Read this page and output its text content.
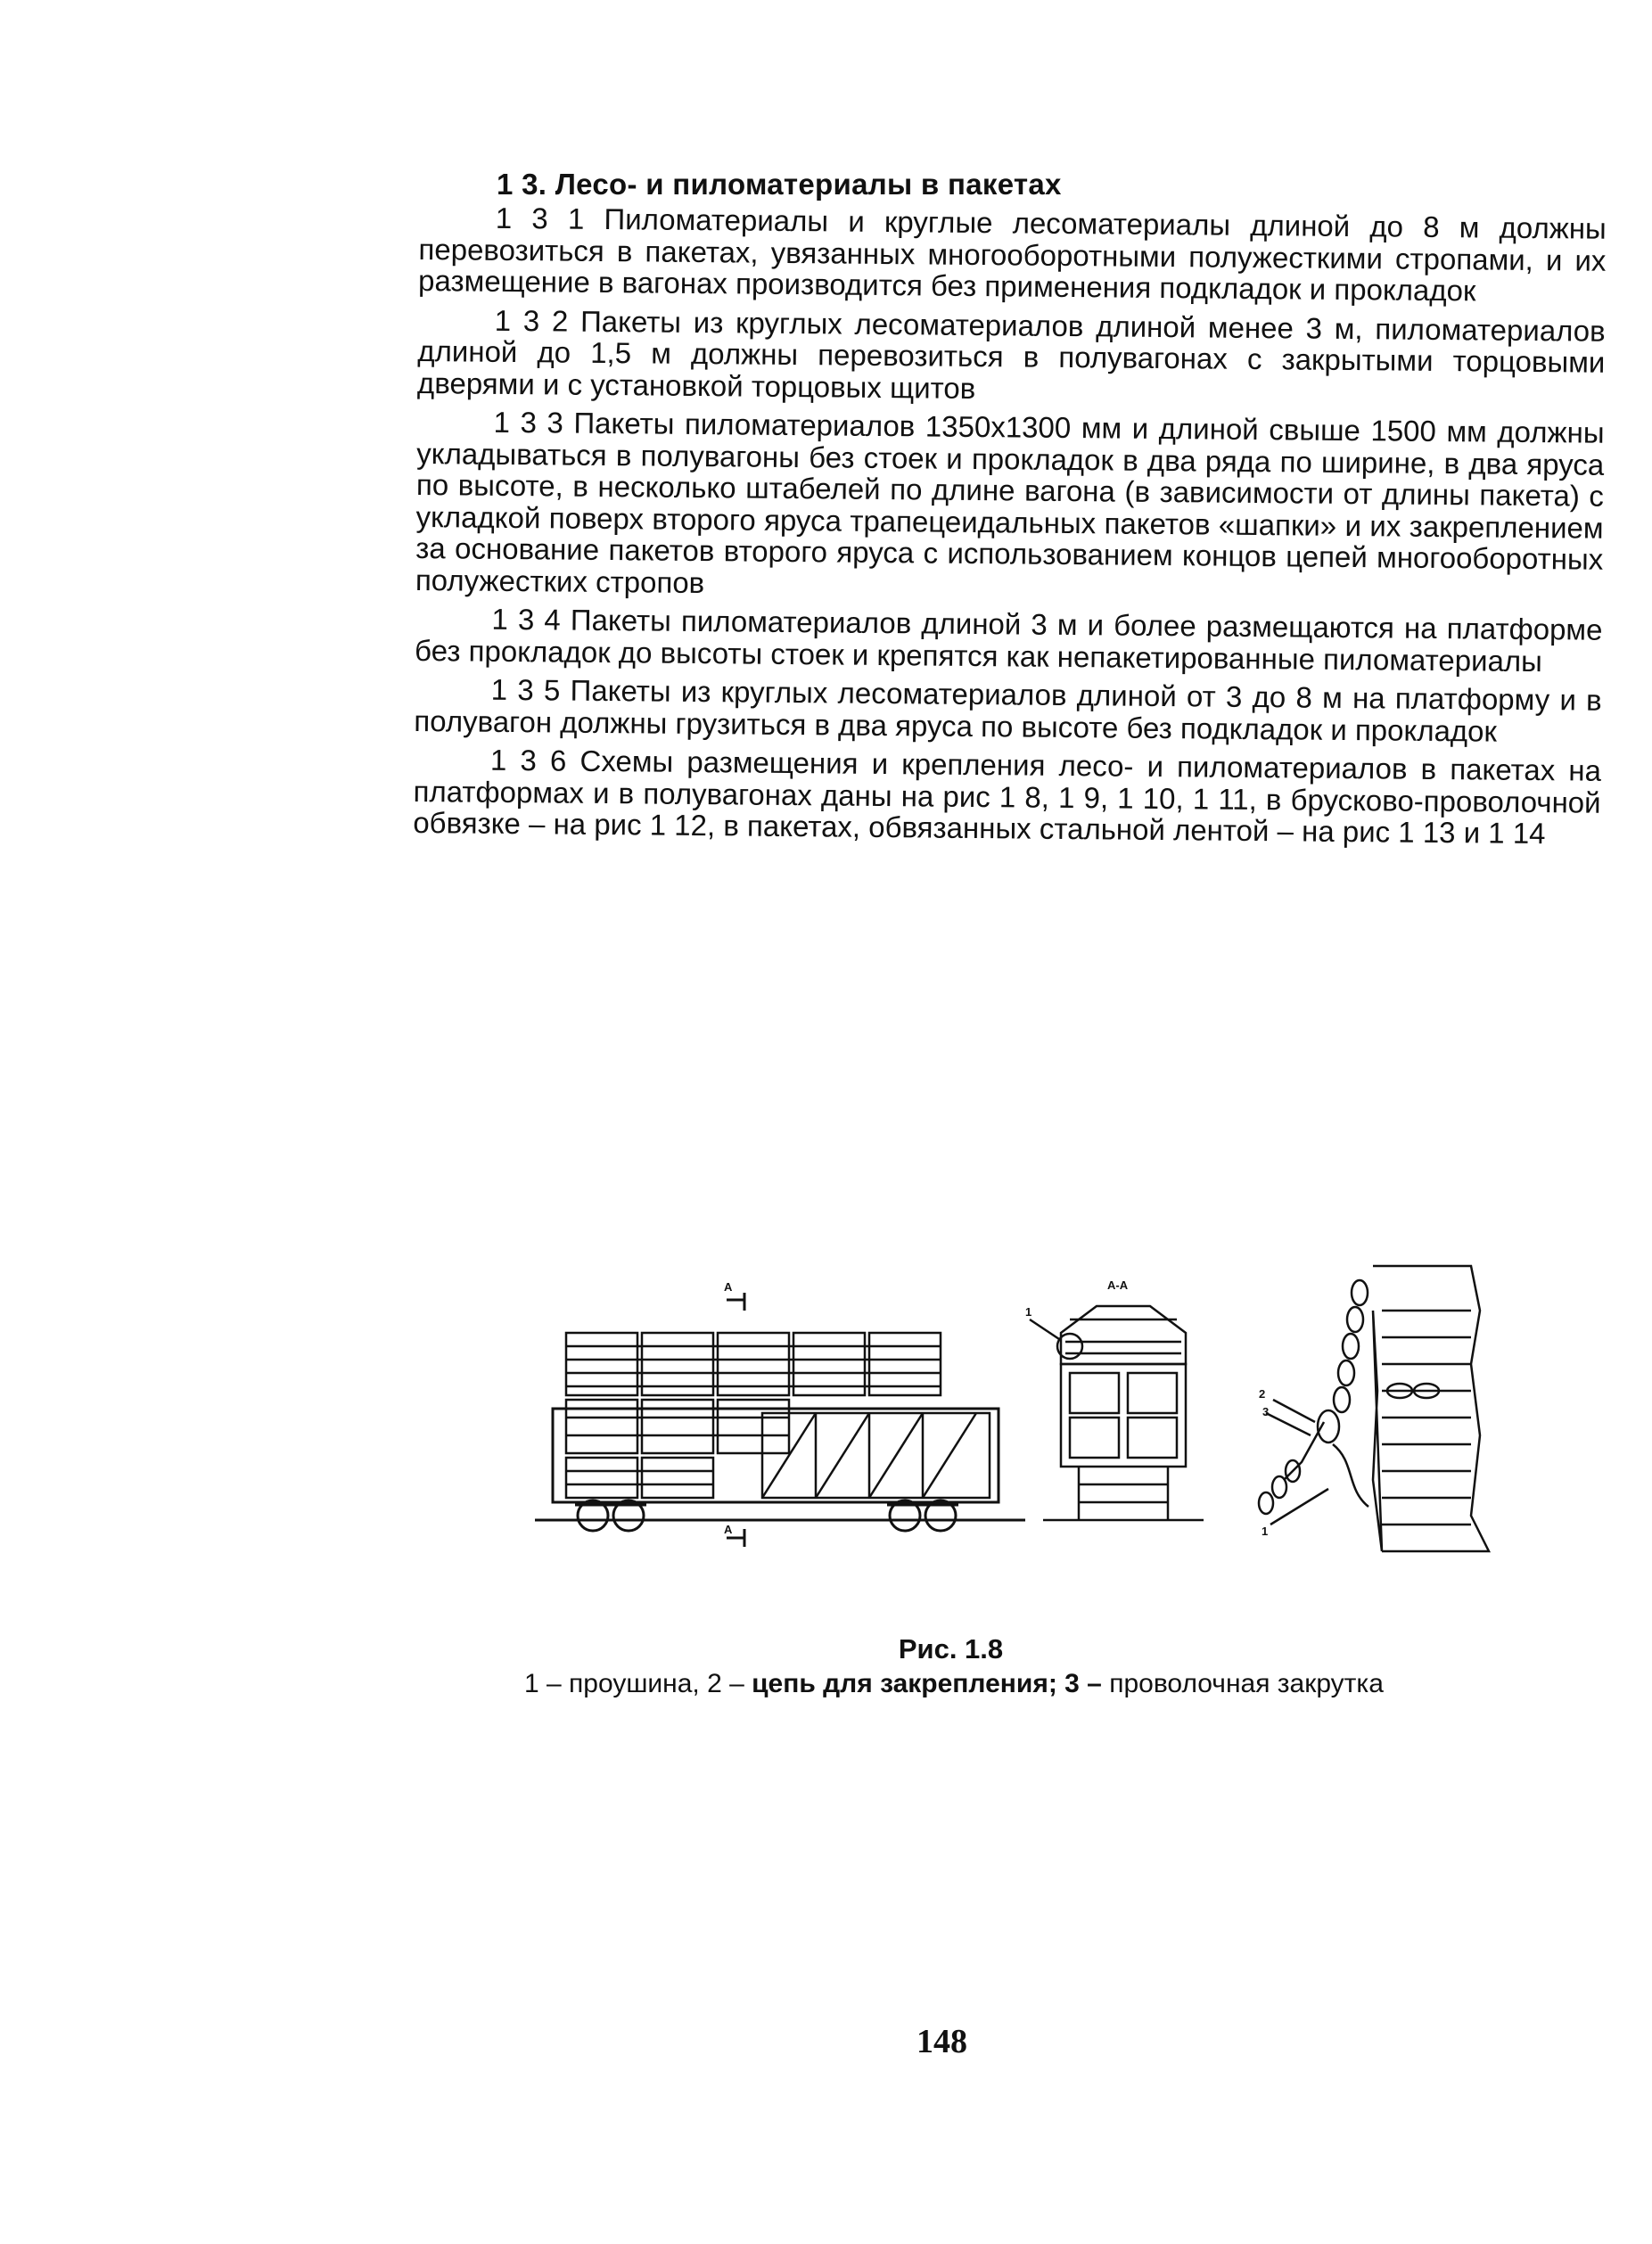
1 3. Лесо- и пиломатериалы в пакетах

1 3 1 Пиломатериалы и круглые лесоматериалы длиной до 8 м должны перевозиться в пакетах, увязанных многооборотными полужесткими стропами, и их размещение в вагонах производится без применения подкладок и прокладок

1 3 2 Пакеты из круглых лесоматериалов длиной менее 3 м, пиломатериалов длиной до 1,5 м должны перевозиться в полувагонах с закрытыми торцовыми дверями и с установкой торцовых щитов

1 3 3 Пакеты пиломатериалов 1350х1300 мм и длиной свыше 1500 мм должны укладываться в полувагоны без стоек и прокладок в два ряда по ширине, в два яруса по высоте, в несколько штабелей по длине вагона (в зависимости от длины пакета) с укладкой поверх второго яруса трапецеидальных пакетов «шапки» и их закреплением за основание пакетов второго яруса с использованием концов цепей многооборотных полужестких стропов

1 3 4 Пакеты пиломатериалов длиной 3 м и более размещаются на платформе без прокладок до высоты стоек и крепятся как непакетированные пиломатериалы

1 3 5 Пакеты из круглых лесоматериалов длиной от 3 до 8 м на платформу и в полувагон должны грузиться в два яруса по высоте без подкладок и прокладок

1 3 6 Схемы размещения и крепления лесо- и пиломатериалов в пакетах на платформах и в полувагонах даны на рис 1 8, 1 9, 1 10, 1 11, в брусково-проволочной обвязке – на рис 1 12, в пакетах, обвязанных стальной лентой – на рис 1 13 и 1 14

А
А
А-А
1
2
3
1
Рис. 1.8
1 – проушина, 2 – цепь для закрепления; 3 – проволочная закрутка
148
